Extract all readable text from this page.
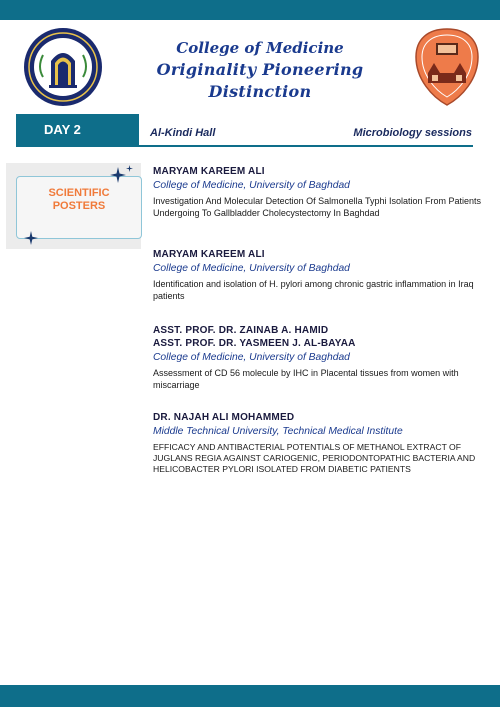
College of Medicine
Originality Pioneering Distinction
DAY 2	Al-Kindi Hall	Microbiology sessions
SCIENTIFIC
POSTERS
MARYAM KAREEM ALI
College of Medicine, University of Baghdad
Investigation And Molecular Detection Of Salmonella Typhi Isolation From Patients Undergoing To Gallbladder Cholecystectomy In Baghdad
MARYAM KAREEM ALI
College of Medicine, University of Baghdad
Identification and isolation of H. pylori among chronic gastric inflammation in Iraq patients
ASST. PROF. DR. ZAINAB A. HAMID
ASST. PROF. DR. YASMEEN J. AL-BAYAA
College of Medicine, University of Baghdad
Assessment of CD 56 molecule by IHC in Placental tissues from women with miscarriage
DR. NAJAH ALI MOHAMMED
Middle Technical University, Technical Medical Institute
EFFICACY AND ANTIBACTERIAL POTENTIALS OF METHANOL EXTRACT OF JUGLANS REGIA AGAINST CARIOGENIC, PERIODONTOPATHIC BACTERIA AND HELICOBACTER PYLORI ISOLATED FROM DIABETIC PATIENTS
